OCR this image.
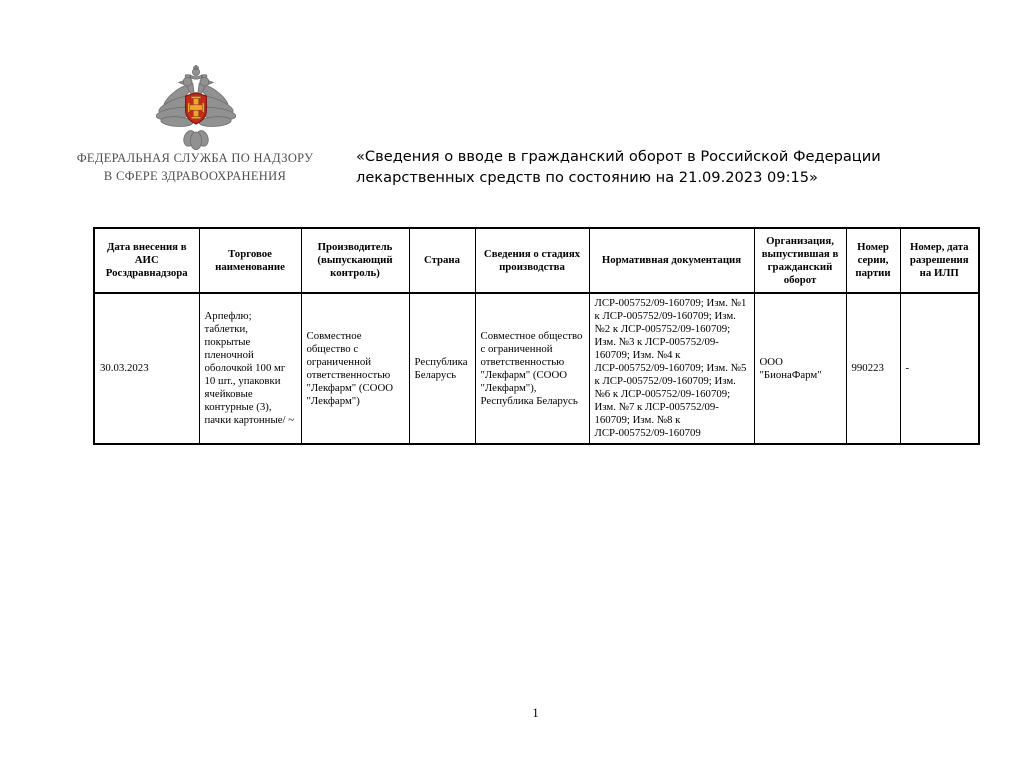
ФЕДЕРАЛЬНАЯ СЛУЖБА ПО НАДЗОРУ
В СФЕРЕ ЗДРАВООХРАНЕНИЯ
«Сведения о вводе в гражданский оборот в Российской Федерации лекарственных средств по состоянию на 21.09.2023 09:15»
Дата внесения в АИС Росздравнадзора	Торговое наименование	Производитель (выпускающий контроль)	Страна	Сведения о стадиях производства	Нормативная документация	Организация, выпустившая в гражданский оборот	Номер серии, партии	Номер, дата разрешения на ИЛП
30.03.2023	Арпефлю; таблетки, покрытые пленочной оболочкой 100 мг 10 шт., упаковки ячейковые контурные (3), пачки картонные/ ~	Совместное общество с ограниченной ответственностью "Лекфарм" (СООО "Лекфарм")	Республика Беларусь	Совместное общество с ограниченной ответственностью "Лекфарм" (СООО "Лекфарм"), Республика Беларусь	ЛСР-005752/09-160709; Изм. №1 к ЛСР-005752/09-160709; Изм. №2 к ЛСР-005752/09-160709; Изм. №3 к ЛСР-005752/09-160709; Изм. №4 к ЛСР-005752/09-160709; Изм. №5 к ЛСР-005752/09-160709; Изм. №6 к ЛСР-005752/09-160709; Изм. №7 к ЛСР-005752/09-160709; Изм. №8 к ЛСР-005752/09-160709	ООО "БионаФарм"	990223	-
1
